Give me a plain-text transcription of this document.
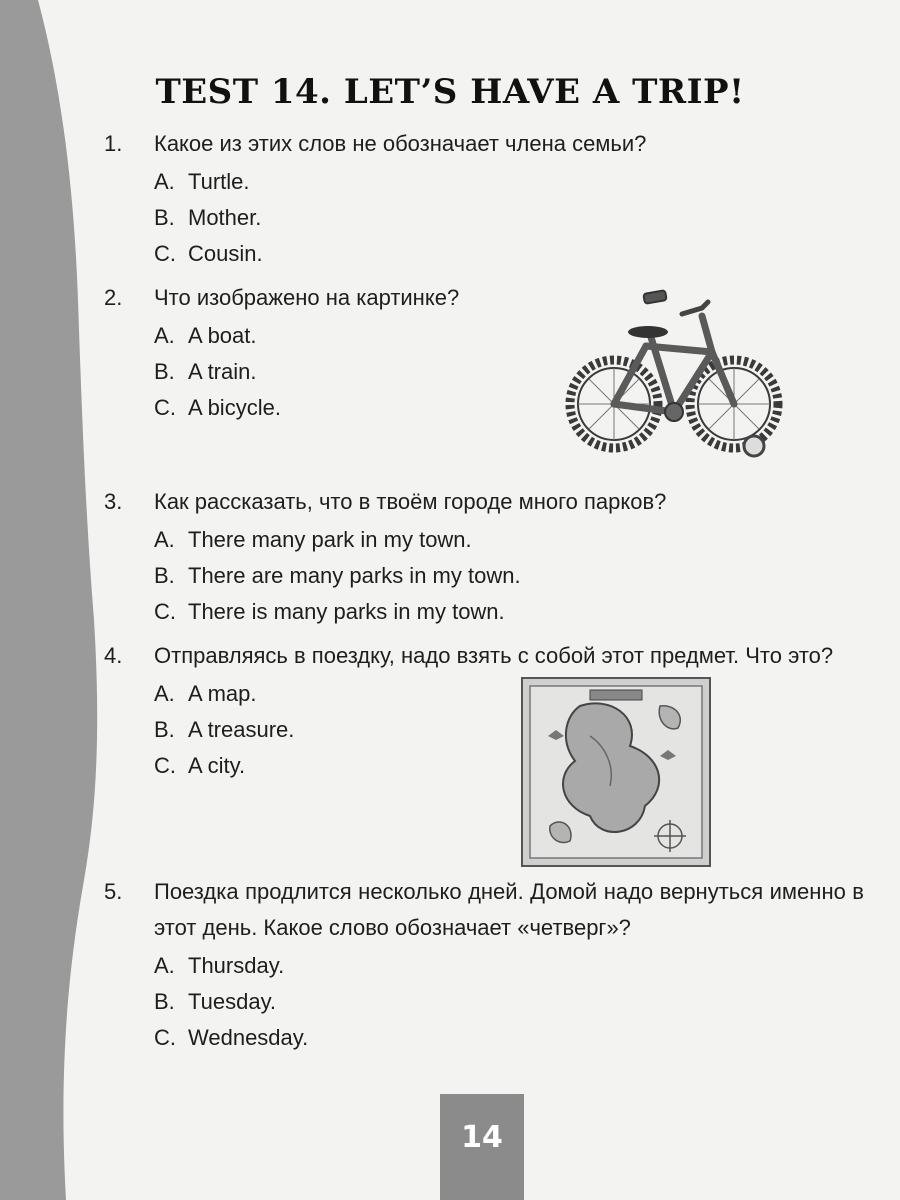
TEST 14. LET’S HAVE A TRIP!
1.	Какое из этих слов не обозначает члена семьи?
A. Turtle.
B. Mother.
C. Cousin.
2.	Что изображено на картинке?
A. A boat.
B. A train.
C. A bicycle.
3.	Как рассказать, что в твоём городе много парков?
A. There many park in my town.
B. There are many parks in my town.
C. There is many parks in my town.
4.	Отправляясь в поездку, надо взять с собой этот предмет. Что это?
A. A map.
B. A treasure.
C. A city.
5.	Поездка продлится несколько дней. Домой надо вернуться именно в этот день. Какое слово обозначает «четверг»?
A. Thursday.
B. Tuesday.
C. Wednesday.
14
